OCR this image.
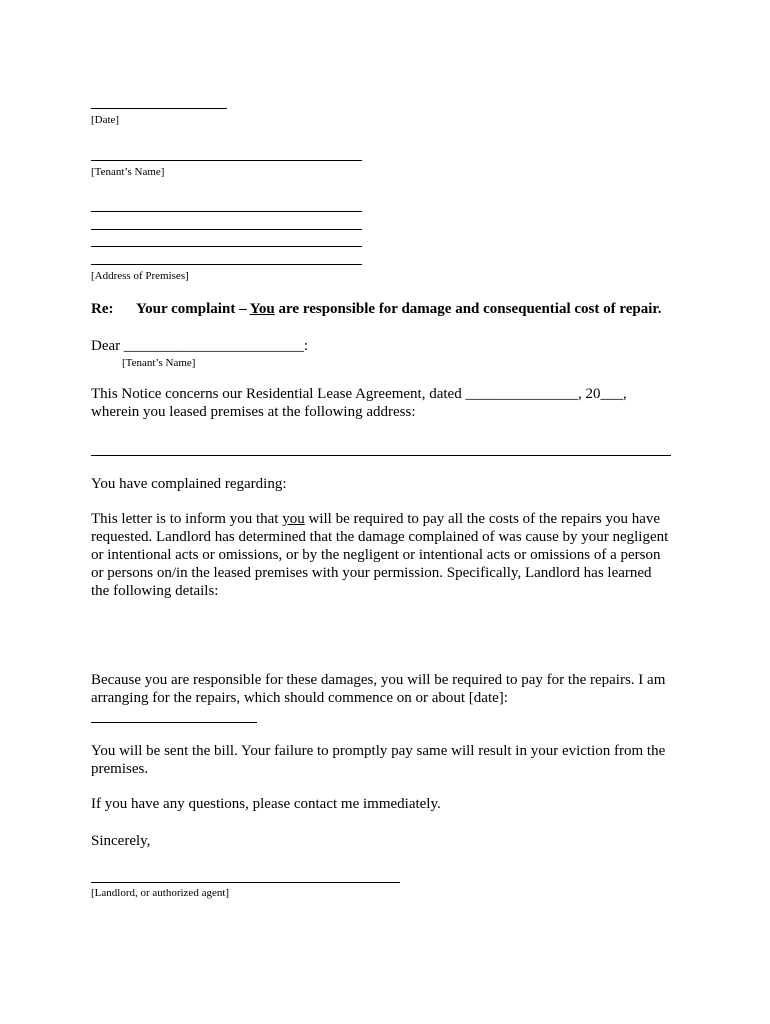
[Date]
[Tenant’s Name]
[Address of Premises]
Re: Your complaint – You are responsible for damage and consequential cost of repair.
Dear ________________________:
[Tenant’s Name]
This Notice concerns our Residential Lease Agreement, dated _______________, 20___,
wherein you leased premises at the following address:
You have complained regarding:
This letter is to inform you that you will be required to pay all the costs of the repairs you have
requested. Landlord has determined that the damage complained of was cause by your negligent
or intentional acts or omissions, or by the negligent or intentional acts or omissions of a person
or persons on/in the leased premises with your permission. Specifically, Landlord has learned
the following details:
Because you are responsible for these damages, you will be required to pay for the repairs. I am
arranging for the repairs, which should commence on or about [date]:
You will be sent the bill. Your failure to promptly pay same will result in your eviction from the
premises.
If you have any questions, please contact me immediately.
Sincerely,
[Landlord, or authorized agent]
